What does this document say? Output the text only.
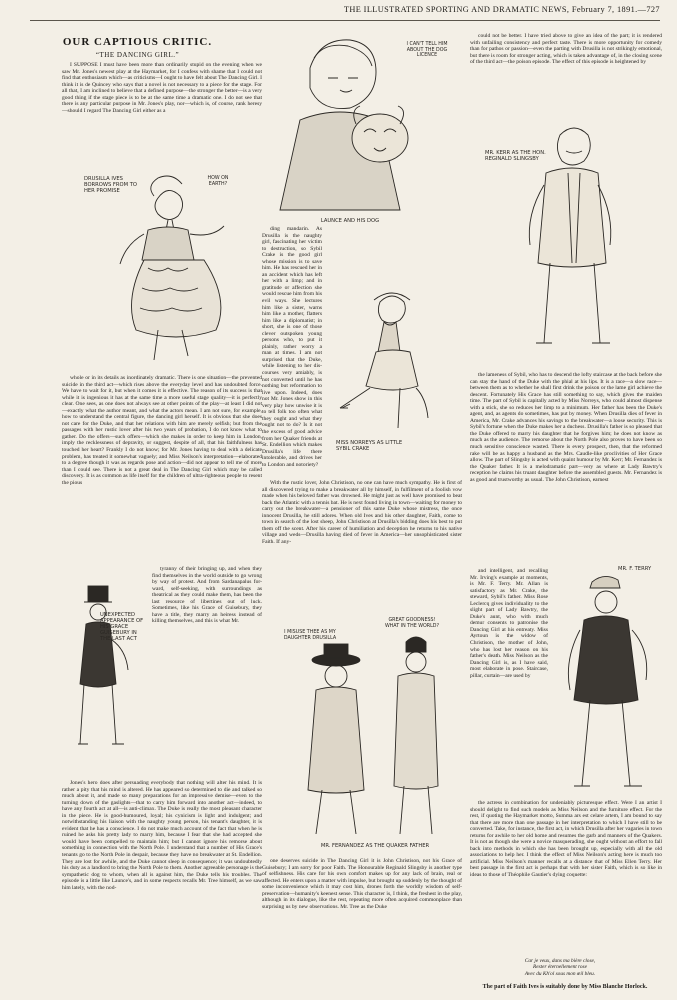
THE ILLUSTRATED SPORTING AND DRAMATIC NEWS, February 7, 1891.—727
OUR CAPTIOUS CRITIC.
“THE DANCING GIRL.”

I SUPPOSE I must have been more than ordinarily stupid on the evening when we saw Mr. Jones's newest play at the Haymarket, for I confess with shame that I could not find that enthusiasm which—as criticisms—I ought to have felt about The Dancing Girl. I think it is de Quincey who says that a novel is not necessary to a piece for the stage. For all that, I am inclined to believe that a defined purpose—the stronger the better—is a very good thing if the stage piece is to be at the same time a dramatic one. I do not see that there is any particular purpose in Mr. Jones's play, nor—which is, of course, rank heresy—should I regard The Dancing Girl either as a

DRUSILLA IVES BORROWS FROM TO HER PROMISE
HOW ON EARTH?

whole or in its details as inordinately dramatic. There is one situation—the prevented suicide in the third act—which rises above the everyday level and has undoubted force. We have to wait for it, but when it comes it is effective. The reason of its success is that while it is ingenious it has at the same time a more useful stage quality—it is perfectly clear. One sees, as one does not always see at other points of the play—at least I did not—exactly what the author meant, and what the actors mean. I am not sure, for example, how to understand the central figure, the dancing girl herself. It is obvious that she does not care for the Duke, and that her relations with him are merely selfish; but from the passages with her rustic lover after his two years of probation, I do not know what to gather. Do the offers—such offers—which she makes in order to keep him in London, imply the recklessness of depravity, or suggest, despite of all, that his faithfulness has touched her heart? Frankly I do not know; for Mr. Jones having to deal with a delicate problem, has treated it somewhat vaguely; and Miss Neilson's interpretation—elaborated to a degree though it was as regards pose and action—did not appear to tell me of more than I could see. There is not a great deal in The Dancing Girl which may be called discovery. It is as common as life itself for the children of ultra-righteous people to resent the pious

UNEXPECTED APPEARANCE OF HIS GRACE GUISEBURY IN THE LAST ACT

tyranny of their bringing up, and when they find themselves in the world outside to go wrong by way of protest. And from Sardanapalus for-ward, self-seeking, with surroundings as theatrical as they could make them, has been the last resource of libertines out of luck. Sometimes, like his Grace of Guisebury, they have a title, they marry an heiress instead of killing themselves, and this is what Mr.

Jones's hero does after persuading everybody that nothing will alter his mind. It is rather a pity that his mind is altered. He has appeared so determined to die and talked so much about it, and made so many preparations for an impressive demise—even to the turning down of the gaslights—that to carry him forward into another act—indeed, to have any fourth act at all—is anti-climax. The Duke is really the most pleasant character in the piece. He is good-humoured, loyal; his cynicism is light and indulgent; and notwithstanding his liaison with the naughty young person, his tenant's daughter, it is evident that he has a conscience. I do not make much account of the fact that when he is ruined he asks his pretty lady to marry him, because I fear that she had accepted she would have been compelled to maintain him; but I cannot ignore his remorse about something in connection with the North Pole. I understand that a number of His Grace's tenants go to the North Pole in despair, because they have no breakwater at St. Endellion. They are lost for awhile, and the Duke cannot sleep in consequence; it was undoubtedly his duty as a landlord to bring the North Pole to them. Another agreeable personage is the sympathetic dog to whom, when all is against him, the Duke tells his troubles. The episode is a little like Launce's, and in some respects recalls Mr. Tree himself, as we saw him lately, with the nod-

I CAN'T TELL HIM ABOUT THE DOG LICENCE
LAUNCE AND HIS DOG

ding mandarin. As Drusilla is the naughty girl, fascinating her victim to destruction, so Sybil Crake is the good girl whose mission is to save him. He has rescued her in an accident which has left her with a limp; and in gratitude or affection she would rescue him from his evil ways. She lectures him like a sister, warns him like a mother, flatters him like a diplomatist; in short, she is one of those clever outspoken young persons who, to put it plainly, rather worry a man at times. I am not surprised that the Duke, while listening to her dis-courses very amiably, is not converted until he has nothing but reformation to live upon. Indeed, does not Mr. Jones show in this very play how unwise it is to tell folk too often what they ought and what they ought not to do? Is it not the excess of good advice from her Quaker friends at St. Endellion which makes Drusilla's life there intolerable, and drives her to London and notoriety?

MISS NORREYS AS LITTLE SYBIL CRAKE

With the rustic lover, John Christison, no one can have much sympathy. He is first of all discovered trying to make a breakwater all by himself, in fulfilment of a foolish vow made when his beloved father was drowned. He might just as well have promised to beat back the Atlantic with a tennis bat. He is next found living in town—waiting for money to carry out the breakwater—a pensioner of this same Duke whose mistress, the once innocent Drusilla, he still adores. When old Ives and his other daughter, Faith, come to town in search of the lost sheep, John Christison at Drusilla's bidding does his best to put them off the scent. After his career of humiliation and deception he returns to his native village and weds—Drusilla having died of fever in America—her unsophisticated sister Faith. If any-

I MISUSE THEE AS MY DAUGHTER DRUSILLA
GREAT GOODNESS! WHAT IN THE WORLD?
MR. FERNANDEZ AS THE QUAKER FATHER

one deserves suicide in The Dancing Girl it is John Christison, not his Grace of Guisebury; I am sorry for poor Faith. The Honourable Reginald Slingsby is another type of selfishness. His care for his own comfort makes up for any lack of brain, real or affected. He enters upon a matter with impulse, but brought up suddenly by the thought of some inconvenience which it may cost him, drones forth the worldly wisdom of self-preservation—humanity's keenest sense. This character is, I think, the freshest in the play, although in its dialogue, like the rest, repeating more often acquired commonplace than surprising us by new observations. Mr. Tree as the Duke

could not be better. I have tried above to give an idea of the part; it is rendered with unfailing consistency and perfect taste. There is more opportunity for comedy than for pathos or passion—even the parting with Drusilla is not strikingly emotional, but there is room for stronger acting, which is taken advantage of, in the closing scene of the third act—the poison episode. The effect of this episode is heightened by

MR. KERR AS THE HON. REGINALD SLINGSBY

the lameness of Sybil, who has to descend the lofty staircase at the back before she can stay the hand of the Duke with the phial at his lips. It is a race—a slow race—between them as to whether he shall first drink the poison or the lame girl achieve the descent. Fortunately His Grace has still something to say, which gives the maiden time. The part of Sybil is capitally acted by Miss Norreys, who could almost dispense with a stick, she so reduces her limp to a minimum. Her father has been the Duke's agent, and, as agents do sometimes, has put by money. When Drusilla dies of fever in America, Mr. Crake advances his savings to the breakwater—a loose security. This is Sybil's fortune when the Duke makes her a duchess. Drusilla's father is so pleased that the Duke offered to marry his daughter that he forgives him; he does not know as much as the audience. The remorse about the North Pole also proves to have been so much sensitive conscience wasted. There is every prospect, then, that the reformed rake will be as happy a husband as the Mrs. Caudle-like proclivities of Her Grace allow. The part of Slingsby is acted with quaint humour by Mr. Kerr; Mr. Fernandez is the Quaker father. It is a melodramatic part—very as where at Lady Bawtry's reception he claims his truant daughter before the assembled guests. Mr. Fernandez is as good and trustworthy as usual. The John Christison, earnest

and intelligent, and recalling Mr. Irving's example at moments, is Mr. F. Terry. Mr. Allan is satisfactory as Mr. Crake, the steward, Sybil's father. Miss Rose Leclercq gives individuality to the slight part of Lady Bawtry, the Duke's aunt, who with much demur consents to patronise the Dancing Girl at his entreaty. Miss Ayrtoun is the widow of Christison, the mother of John, who has lost her reason on his father's death. Miss Neilson as the Dancing Girl is, as I have said, most elaborate in pose. Staircase, pillar, curtain—are used by

MR. F. TERRY

the actress in combination for undeniably picturesque effect. Were I an artist I should delight to find such models as Miss Neilson and the furniture effect. For the rest, if quoting the Haymarket motto, Summa ars est celare artem, I am bound to say that there are more than one passage in her interpretation to which I have still to be converted. Take, for instance, the first act, in which Drusilla after her vagaries in town returns for awhile to her old home and resumes the garb and manners of the Quakers. It is not as though she were a novice masquerading, she ought without an effort to fall back into methods in which she has been brought up, especially with all the old associations to help her. I think the effect of Miss Neilson's acting here is much too artificial. Miss Neilson's manner recalls at a distance that of Miss Ellen Terry. Her best passage in the first act is perhaps that with her sister Faith, which is so like in ideas to those of Théophile Gautier's dying coquette:

Car je veux, dans ma bière close,
Rester éternellement rose
Avec du Kh'ol sous mon œil bleu.
The part of Faith Ives is suitably done by Miss Blanche Horlock.
